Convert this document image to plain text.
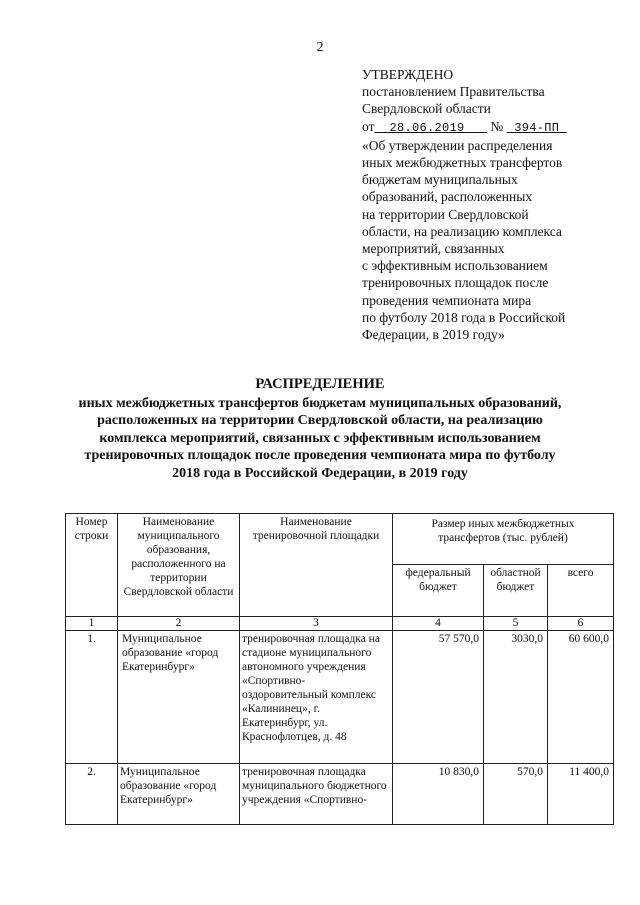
2
УТВЕРЖДЕНО
постановлением Правительства
Свердловской области
от 28.06.2019 № 394-ПП
«Об утверждении распределения
иных межбюджетных трансфертов
бюджетам муниципальных
образований, расположенных
на территории Свердловской
области, на реализацию комплекса
мероприятий, связанных
с эффективным использованием
тренировочных площадок после
проведения чемпионата мира
по футболу 2018 года в Российской
Федерации, в 2019 году»
РАСПРЕДЕЛЕНИЕ
иных межбюджетных трансфертов бюджетам муниципальных образований,
расположенных на территории Свердловской области, на реализацию
комплекса мероприятий, связанных с эффективным использованием
тренировочных площадок после проведения чемпионата мира по футболу
2018 года в Российской Федерации, в 2019 году
Номер строки	Наименование муниципального образования, расположенного на территории Свердловской области	Наименование тренировочной площадки	Размер иных межбюджетных трансфертов (тыс. рублей)		
			федеральный бюджет	областной бюджет	всего
1	2	3	4	5	6
1.	Муниципальное образование «город Екатеринбург»	тренировочная площадка на стадионе муниципального автономного учреждения «Спортивно-оздоровительный комплекс «Калининец», г. Екатеринбург, ул. Краснофлотцев, д. 48	57 570,0	3030,0	60 600,0
2.	Муниципальное образование «город Екатеринбург»	тренировочная площадка муниципального бюджетного учреждения «Спортивно-	10 830,0	570,0	11 400,0
